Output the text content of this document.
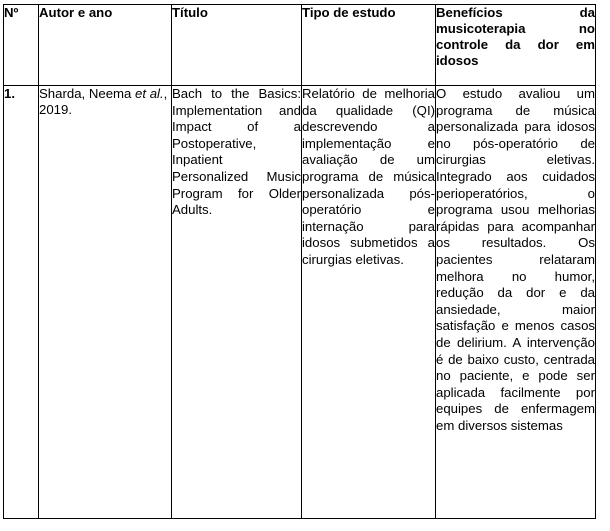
Nº	Autor e ano	Título	Tipo de estudo	Benefícios da musicoterapia no controle da dor em idosos
1.	Sharda, Neema et al., 2019.	Bach to the Basics: Implementation and Impact of a Postoperative, Inpatient Personalized Music Program for Older Adults.	Relatório de melhoria da qualidade (QI) descrevendo a implementação e avaliação de um programa de música personalizada pós-operatório e internação para idosos submetidos a cirurgias eletivas.	O estudo avaliou um programa de música personalizada para idosos no pós-operatório de cirurgias eletivas. Integrado aos cuidados perioperatórios, o programa usou melhorias rápidas para acompanhar os resultados. Os pacientes relataram melhora no humor, redução da dor e da ansiedade, maior satisfação e menos casos de delirium. A intervenção é de baixo custo, centrada no paciente, e pode ser aplicada facilmente por equipes de enfermagem em diversos sistemas
